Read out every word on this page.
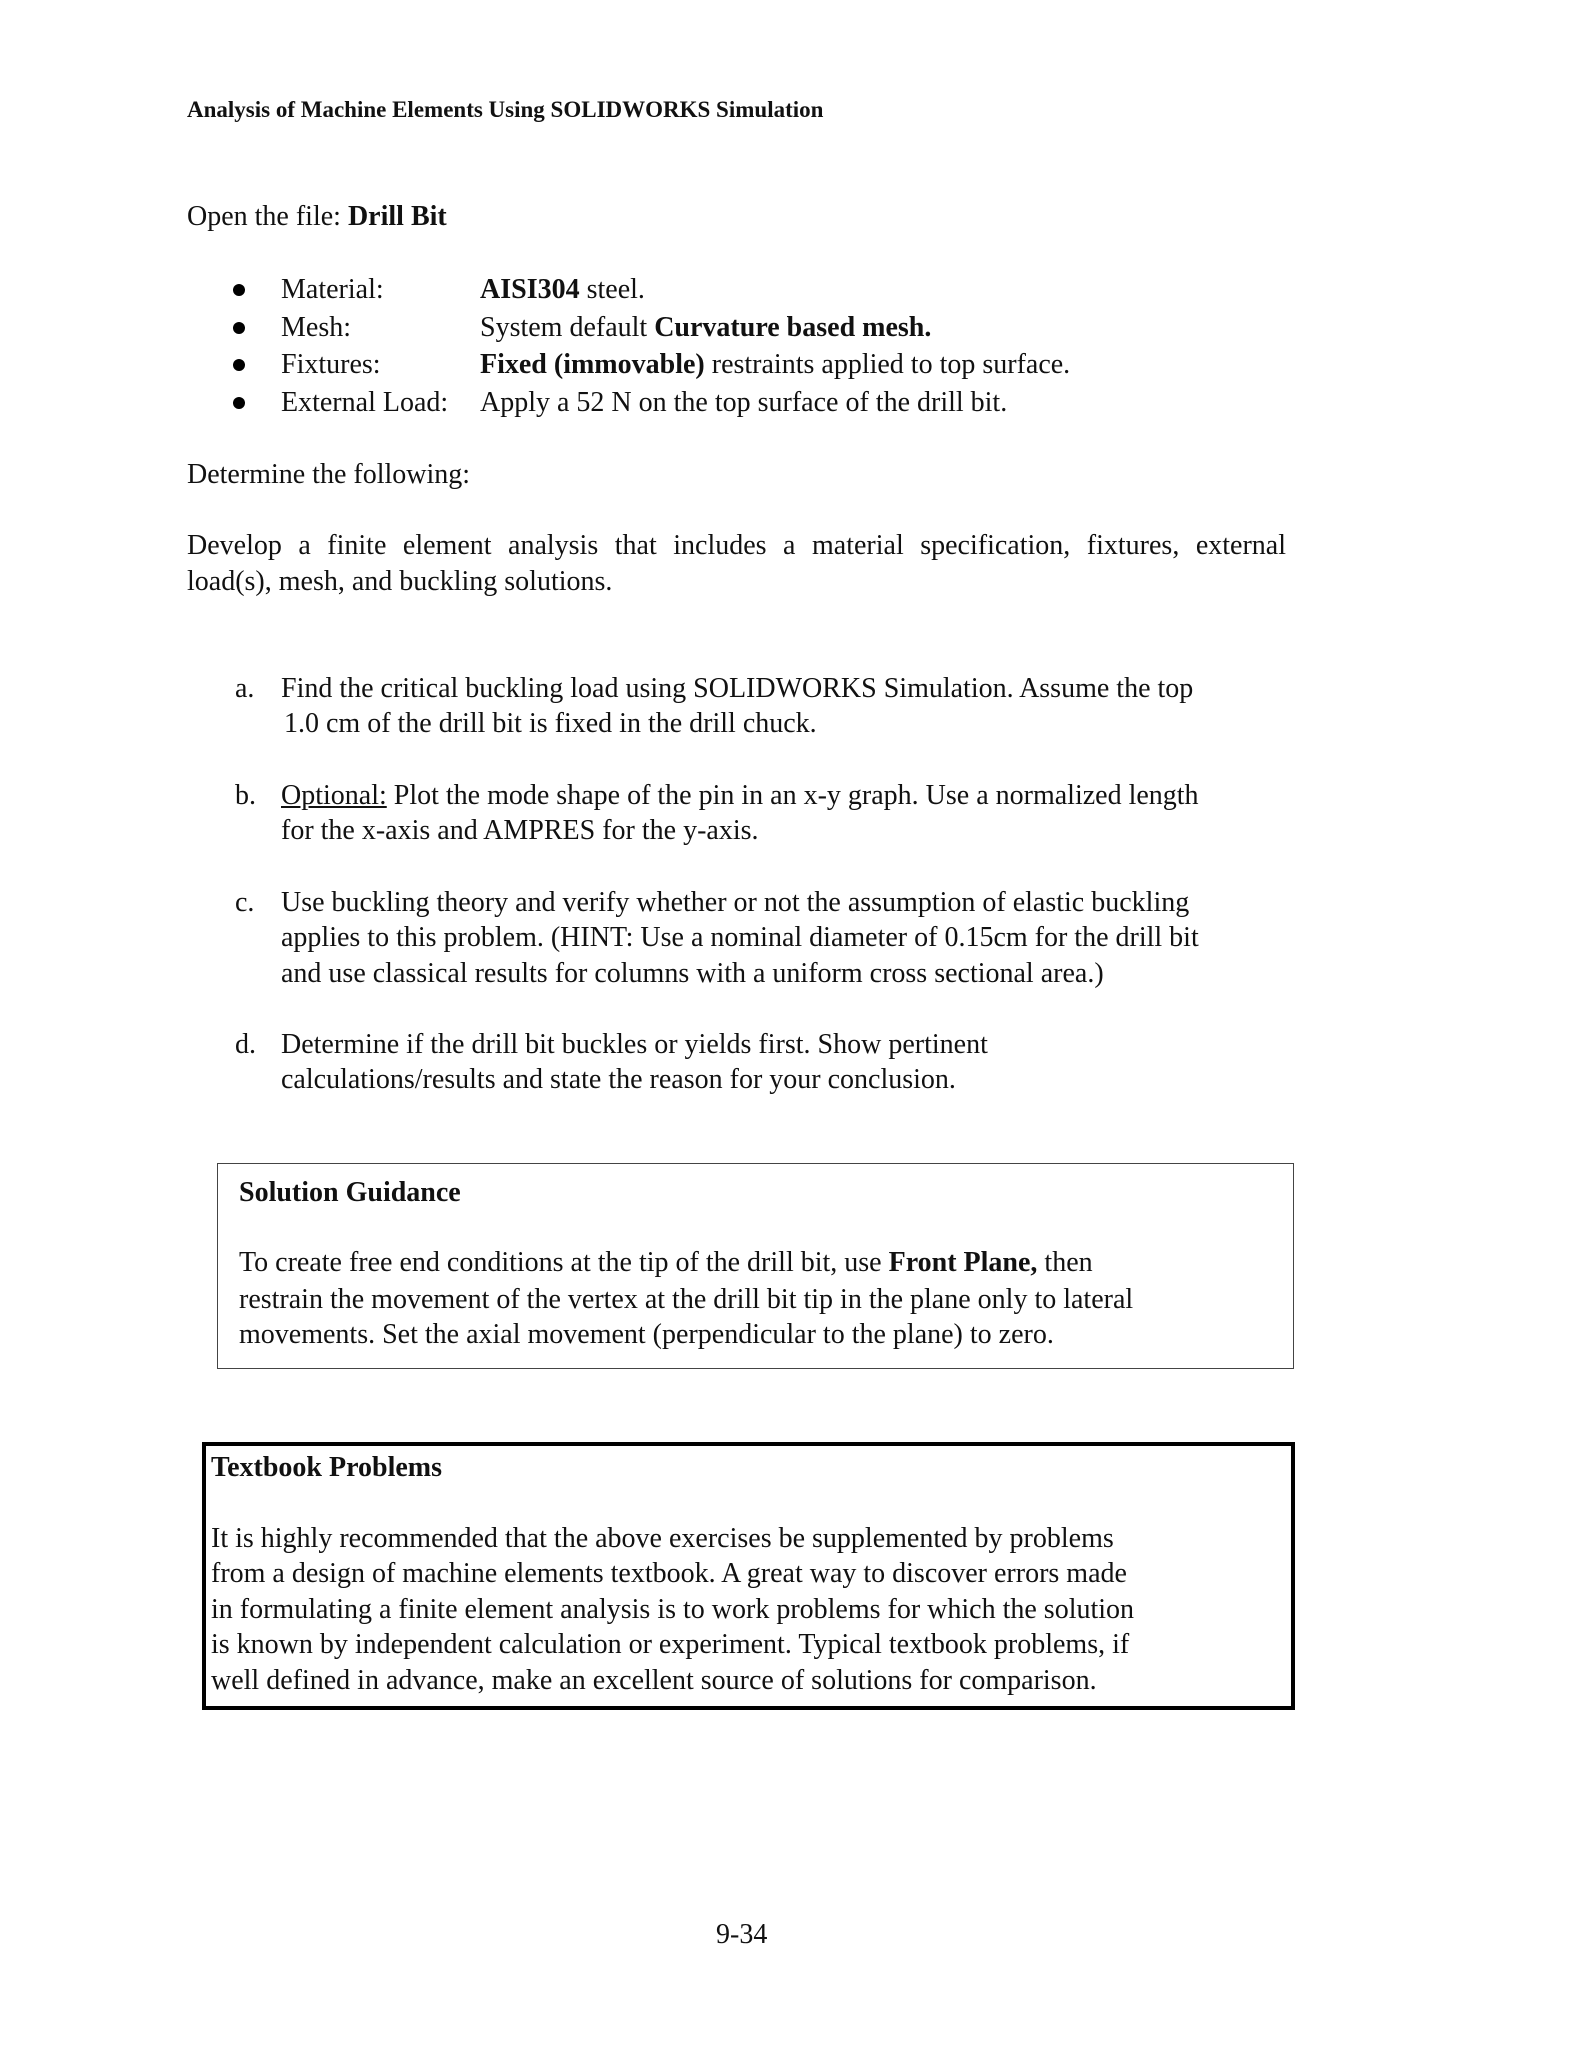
Analysis of Machine Elements Using SOLIDWORKS Simulation
Open the file: Drill Bit
Material:	AISI304 steel.
Mesh:	System default Curvature based mesh.
Fixtures:	Fixed (immovable) restraints applied to top surface.
External Load: Apply a 52 N on the top surface of the drill bit.
Determine the following:
Develop a finite element analysis that includes a material specification, fixtures, external
load(s), mesh, and buckling solutions.
a. Find the critical buckling load using SOLIDWORKS Simulation. Assume the top
1.0 cm of the drill bit is fixed in the drill chuck.
b. Optional: Plot the mode shape of the pin in an x-y graph. Use a normalized length
for the x-axis and AMPRES for the y-axis.
c. Use buckling theory and verify whether or not the assumption of elastic buckling
applies to this problem. (HINT: Use a nominal diameter of 0.15cm for the drill bit
and use classical results for columns with a uniform cross sectional area.)
d. Determine if the drill bit buckles or yields first. Show pertinent
calculations/results and state the reason for your conclusion.
Solution Guidance
To create free end conditions at the tip of the drill bit, use Front Plane, then
restrain the movement of the vertex at the drill bit tip in the plane only to lateral
movements. Set the axial movement (perpendicular to the plane) to zero.
Textbook Problems
It is highly recommended that the above exercises be supplemented by problems
from a design of machine elements textbook. A great way to discover errors made
in formulating a finite element analysis is to work problems for which the solution
is known by independent calculation or experiment. Typical textbook problems, if
well defined in advance, make an excellent source of solutions for comparison.
9-34
